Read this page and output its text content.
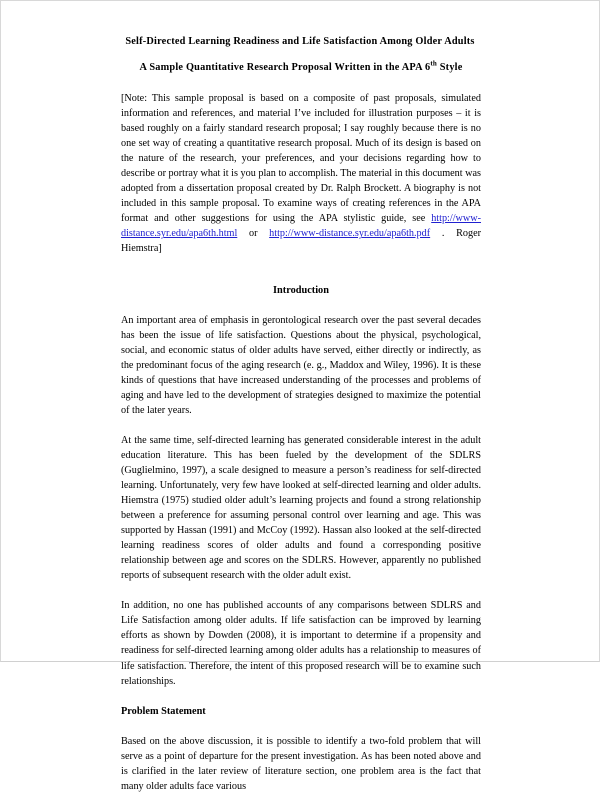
Self-Directed Learning Readiness and Life Satisfaction Among Older Adults
A Sample Quantitative Research Proposal Written in the APA 6th Style

[Note: This sample proposal is based on a composite of past proposals, simulated information and references, and material I’ve included for illustration purposes – it is based roughly on a fairly standard research proposal; I say roughly because there is no one set way of creating a quantitative research proposal. Much of its design is based on the nature of the research, your preferences, and your decisions regarding how to describe or portray what it is you plan to accomplish. The material in this document was adopted from a dissertation proposal created by Dr. Ralph Brockett. A biography is not included in this sample proposal. To examine ways of creating references in the APA format and other suggestions for using the APA stylistic guide, see http://www-distance.syr.edu/apa6th.html or http://www-distance.syr.edu/apa6th.pdf . Roger Hiemstra]

Introduction

An important area of emphasis in gerontological research over the past several decades has been the issue of life satisfaction. Questions about the physical, psychological, social, and economic status of older adults have served, either directly or indirectly, as the predominant focus of the aging research (e. g., Maddox and Wiley, 1996). It is these kinds of questions that have increased understanding of the processes and problems of aging and have led to the development of strategies designed to maximize the potential of the later years.

At the same time, self-directed learning has generated considerable interest in the adult education literature. This has been fueled by the development of the SDLRS (Guglielmino, 1997), a scale designed to measure a person’s readiness for self-directed learning. Unfortunately, very few have looked at self-directed learning and older adults. Hiemstra (1975) studied older adult’s learning projects and found a strong relationship between a preference for assuming personal control over learning and age. This was supported by Hassan (1991) and McCoy (1992). Hassan also looked at the self-directed learning readiness scores of older adults and found a corresponding positive relationship between age and scores on the SDLRS. However, apparently no published reports of subsequent research with the older adult exist.

In addition, no one has published accounts of any comparisons between SDLRS and Life Satisfaction among older adults. If life satisfaction can be improved by learning efforts as shown by Dowden (2008), it is important to determine if a propensity and readiness for self-directed learning among older adults has a relationship to measures of life satisfaction. Therefore, the intent of this proposed research will be to examine such relationships.

Problem Statement

Based on the above discussion, it is possible to identify a two-fold problem that will serve as a point of departure for the present investigation. As has been noted above and is clarified in the later review of literature section, one problem area is the fact that many older adults face various
